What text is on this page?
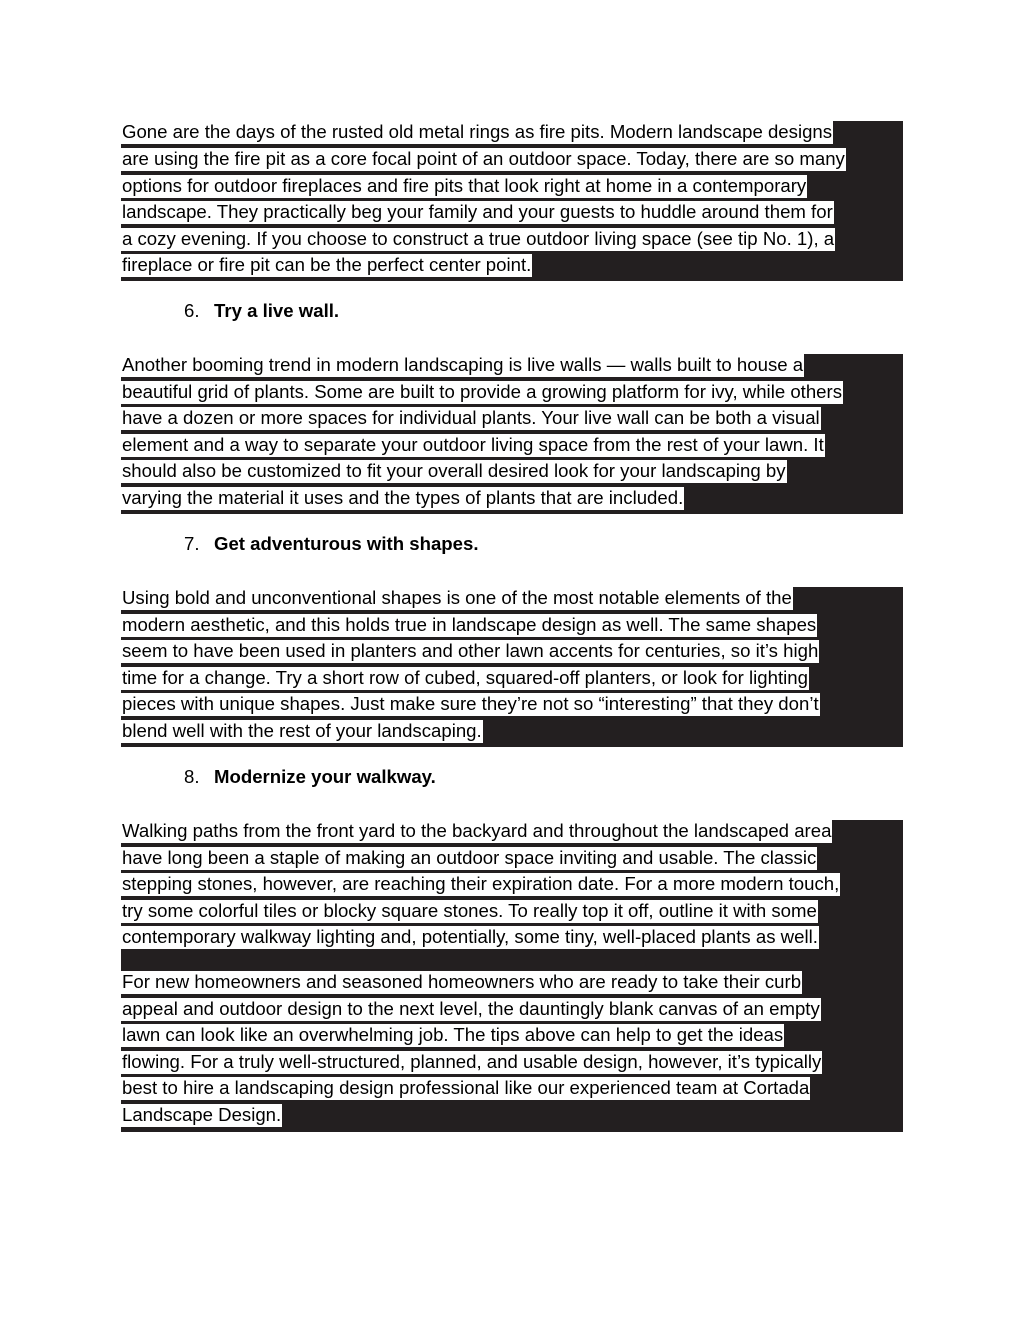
Gone are the days of the rusted old metal rings as fire pits. Modern landscape designs
are using the fire pit as a core focal point of an outdoor space. Today, there are so many
options for outdoor fireplaces and fire pits that look right at home in a contemporary
landscape. They practically beg your family and your guests to huddle around them for
a cozy evening. If you choose to construct a true outdoor living space (see tip No. 1), a
fireplace or fire pit can be the perfect center point.
6. Try a live wall.
Another booming trend in modern landscaping is live walls — walls built to house a
beautiful grid of plants. Some are built to provide a growing platform for ivy, while others
have a dozen or more spaces for individual plants. Your live wall can be both a visual
element and a way to separate your outdoor living space from the rest of your lawn. It
should also be customized to fit your overall desired look for your landscaping by
varying the material it uses and the types of plants that are included.
7. Get adventurous with shapes.
Using bold and unconventional shapes is one of the most notable elements of the
modern aesthetic, and this holds true in landscape design as well. The same shapes
seem to have been used in planters and other lawn accents for centuries, so it’s high
time for a change. Try a short row of cubed, squared-off planters, or look for lighting
pieces with unique shapes. Just make sure they’re not so “interesting” that they don’t
blend well with the rest of your landscaping.
8. Modernize your walkway.
Walking paths from the front yard to the backyard and throughout the landscaped area
have long been a staple of making an outdoor space inviting and usable. The classic
stepping stones, however, are reaching their expiration date. For a more modern touch,
try some colorful tiles or blocky square stones. To really top it off, outline it with some
contemporary walkway lighting and, potentially, some tiny, well-placed plants as well.
For new homeowners and seasoned homeowners who are ready to take their curb
appeal and outdoor design to the next level, the dauntingly blank canvas of an empty
lawn can look like an overwhelming job. The tips above can help to get the ideas
flowing. For a truly well-structured, planned, and usable design, however, it’s typically
best to hire a landscaping design professional like our experienced team at Cortada
Landscape Design.
